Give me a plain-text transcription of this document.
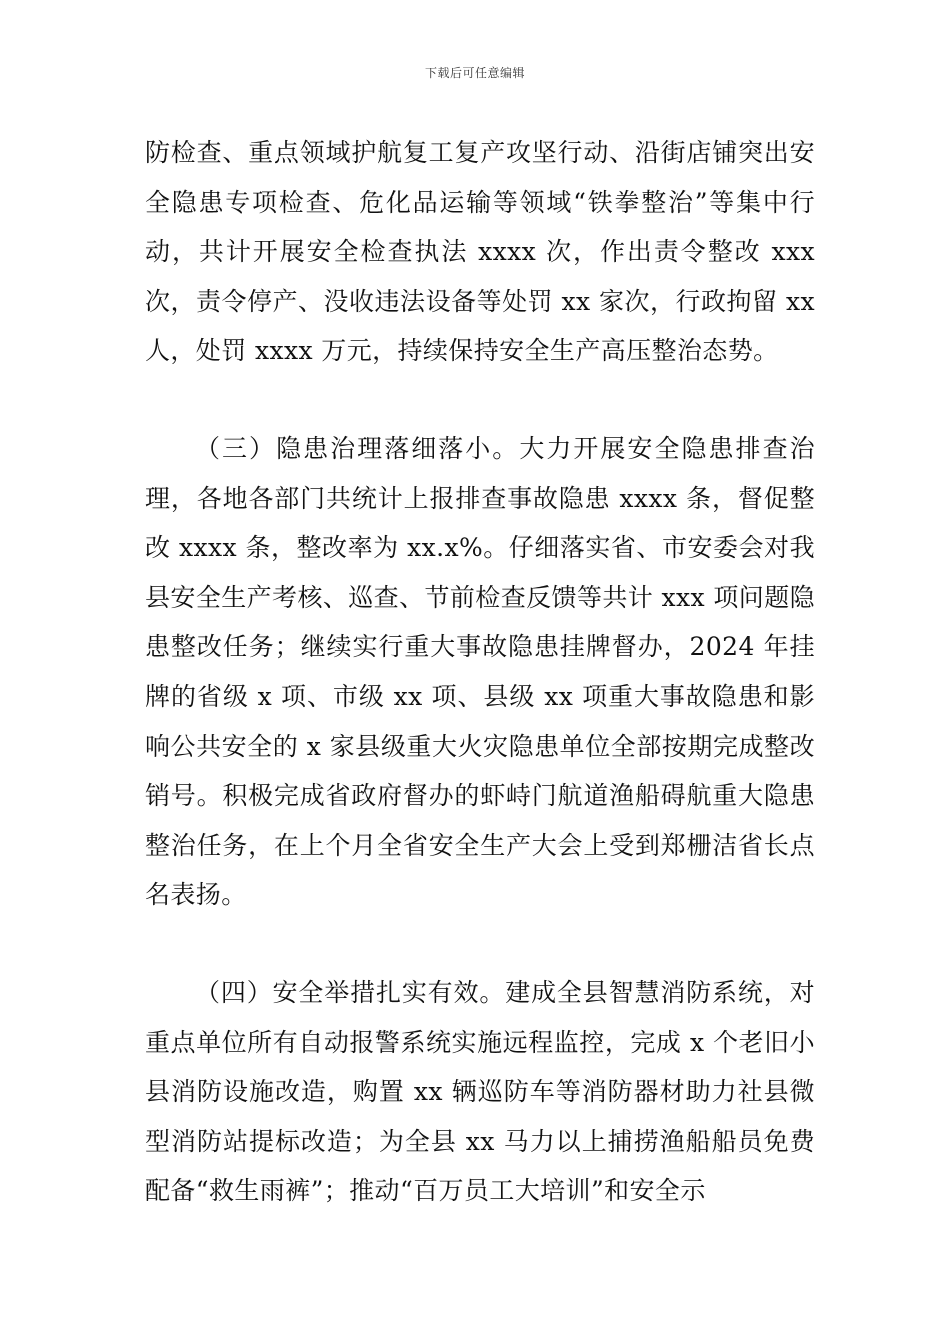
下载后可任意编辑

防检查、重点领域护航复工复产攻坚行动、沿街店铺突出安全隐患专项检查、危化品运输等领域“铁拳整治”等集中行动，共计开展安全检查执法 xxxx 次，作出责令整改 xxx 次，责令停产、没收违法设备等处罚 xx 家次，行政拘留 xx 人，处罚 xxxx 万元，持续保持安全生产高压整治态势。

（三）隐患治理落细落小。大力开展安全隐患排查治理，各地各部门共统计上报排查事故隐患 xxxx 条，督促整改 xxxx 条，整改率为 xx.x%。仔细落实省、市安委会对我县安全生产考核、巡查、节前检查反馈等共计 xxx 项问题隐患整改任务；继续实行重大事故隐患挂牌督办，2024 年挂牌的省级 x 项、市级 xx 项、县级 xx 项重大事故隐患和影响公共安全的 x 家县级重大火灾隐患单位全部按期完成整改销号。积极完成省政府督办的虾峙门航道渔船碍航重大隐患整治任务，在上个月全省安全生产大会上受到郑栅洁省长点名表扬。

（四）安全举措扎实有效。建成全县智慧消防系统，对重点单位所有自动报警系统实施远程监控，完成 x 个老旧小县消防设施改造，购置 xx 辆巡防车等消防器材助力社县微型消防站提标改造；为全县 xx 马力以上捕捞渔船船员免费配备“救生雨裤”；推动“百万员工大培训”和安全示
